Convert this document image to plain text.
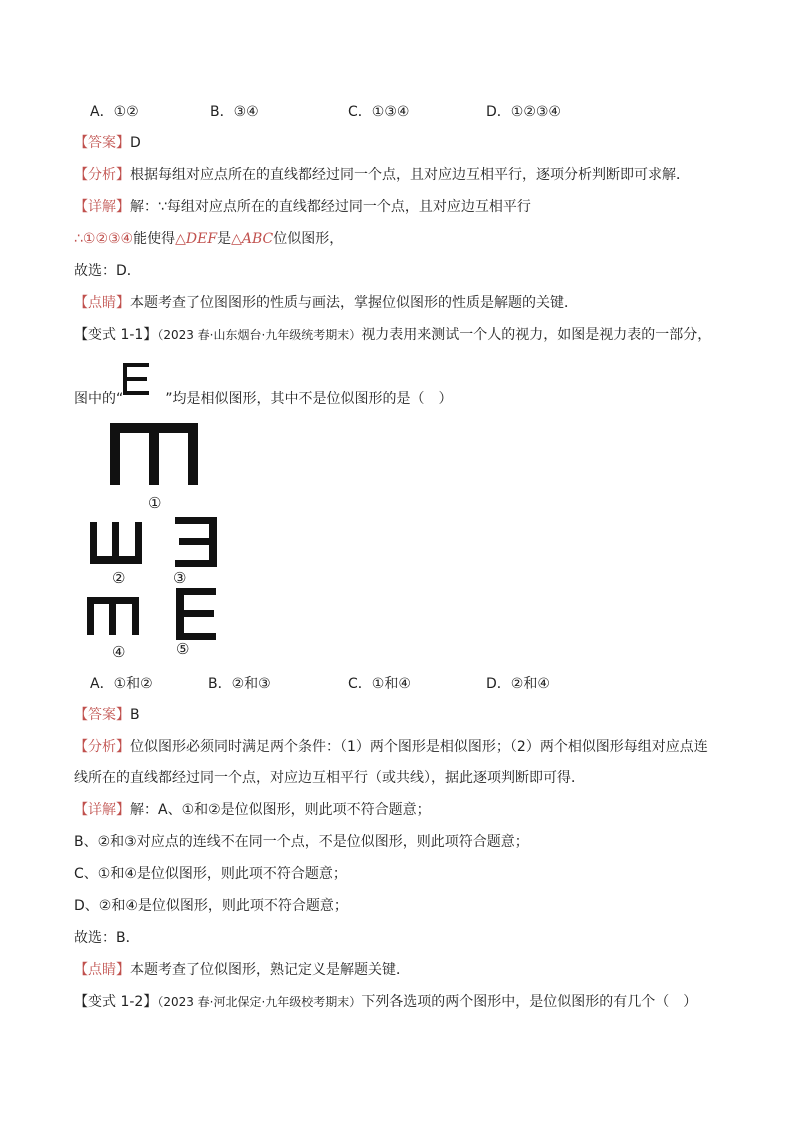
A．①②	B．③④	C．①③④	D．①②③④
【答案】D
【分析】根据每组对应点所在的直线都经过同一个点，且对应边互相平行，逐项分析判断即可求解．
【详解】解：∵每组对应点所在的直线都经过同一个点，且对应边互相平行
∴①②③④能使得△DEF是△ABC位似图形，
故选：D．
【点睛】本题考查了位图图形的性质与画法，掌握位似图形的性质是解题的关键．
【变式 1-1】（2023 春·山东烟台·九年级统考期末）视力表用来测试一个人的视力，如图是视力表的一部分，
图中的“	”均是相似图形，其中不是位似图形的是（　）
①
②	③
④	⑤
A．①和②	B．②和③	C．①和④	D．②和④
【答案】B
【分析】位似图形必须同时满足两个条件：（1）两个图形是相似图形；（2）两个相似图形每组对应点连
线所在的直线都经过同一个点，对应边互相平行（或共线），据此逐项判断即可得．
【详解】解：A、①和②是位似图形，则此项不符合题意；
B、②和③对应点的连线不在同一个点，不是位似图形，则此项符合题意；
C、①和④是位似图形，则此项不符合题意；
D、②和④是位似图形，则此项不符合题意；
故选：B．
【点睛】本题考查了位似图形，熟记定义是解题关键．
【变式 1-2】（2023 春·河北保定·九年级校考期末）下列各选项的两个图形中，是位似图形的有几个（　）
